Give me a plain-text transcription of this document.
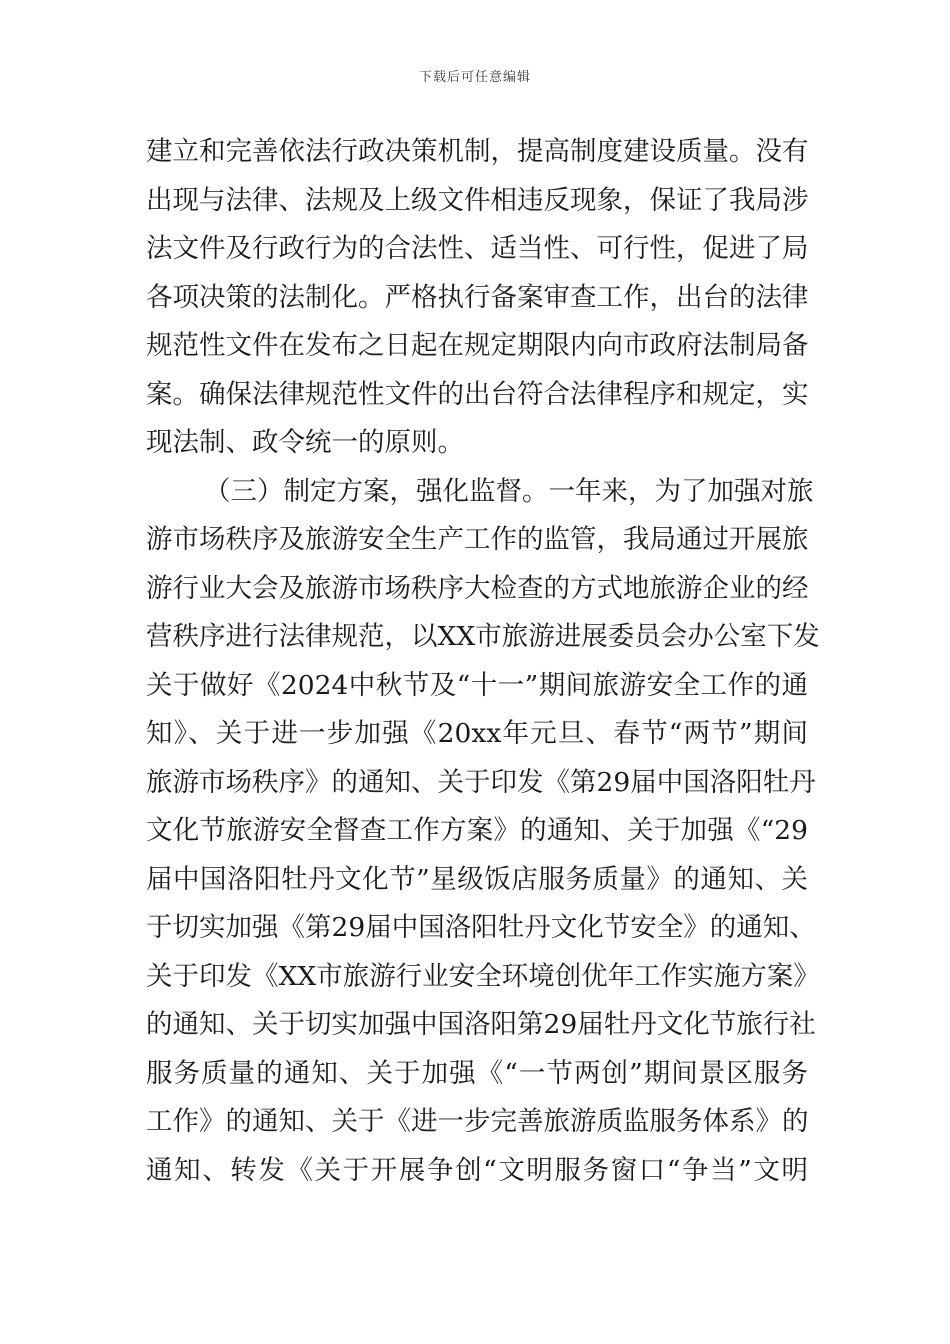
下载后可任意编辑
建立和完善依法行政决策机制，提高制度建设质量。没有
出现与法律、法规及上级文件相违反现象，保证了我局涉
法文件及行政行为的合法性、适当性、可行性，促进了局
各项决策的法制化。严格执行备案审查工作，出台的法律
规范性文件在发布之日起在规定期限内向市政府法制局备
案。确保法律规范性文件的出台符合法律程序和规定，实
现法制、政令统一的原则。
（三）制定方案，强化监督。一年来，为了加强对旅
游市场秩序及旅游安全生产工作的监管，我局通过开展旅
游行业大会及旅游市场秩序大检查的方式地旅游企业的经
营秩序进行法律规范，以XX市旅游进展委员会办公室下发
关于做好《2024中秋节及“十一”期间旅游安全工作的通
知》、关于进一步加强《20xx年元旦、春节“两节”期间
旅游市场秩序》的通知、关于印发《第29届中国洛阳牡丹
文化节旅游安全督查工作方案》的通知、关于加强《“29
届中国洛阳牡丹文化节”星级饭店服务质量》的通知、关
于切实加强《第29届中国洛阳牡丹文化节安全》的通知、
关于印发《XX市旅游行业安全环境创优年工作实施方案》
的通知、关于切实加强中国洛阳第29届牡丹文化节旅行社
服务质量的通知、关于加强《“一节两创”期间景区服务
工作》的通知、关于《进一步完善旅游质监服务体系》的
通知、转发《关于开展争创“文明服务窗口“争当”文明
